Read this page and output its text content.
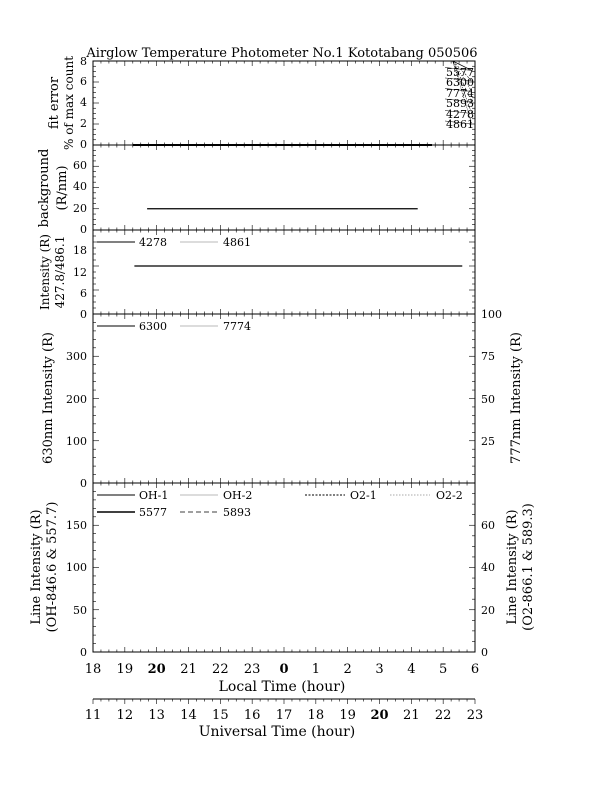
Airglow Temperature Photometer No.1 Kototabang 050506
0
2
4
6
8
fit error % of max count	5577
6300
7774
5893
4278
4861
0
20
40
60
background (R/nm)
0
6
12
18
Intensity (R) 427.8/486.1	4278	4861
0
100
200
300
25
50
75
100
630nm Intensity (R)	777nm Intensity (R)
6300	7774
0
50
100
150
0
20
40
60
Line Intensity (R) (OH-846.6 & 557.7)	Line Intensity (R) (O2-866.1 & 589.3)
OH-1	OH-2	O2-1	O2-2
5577	5893
18 19 20 21 22 23 0 1 2 3 4 5 6
Local Time (hour)
11 12 13 14 15 16 17 18 19 20 21 22 23
Universal Time (hour)
